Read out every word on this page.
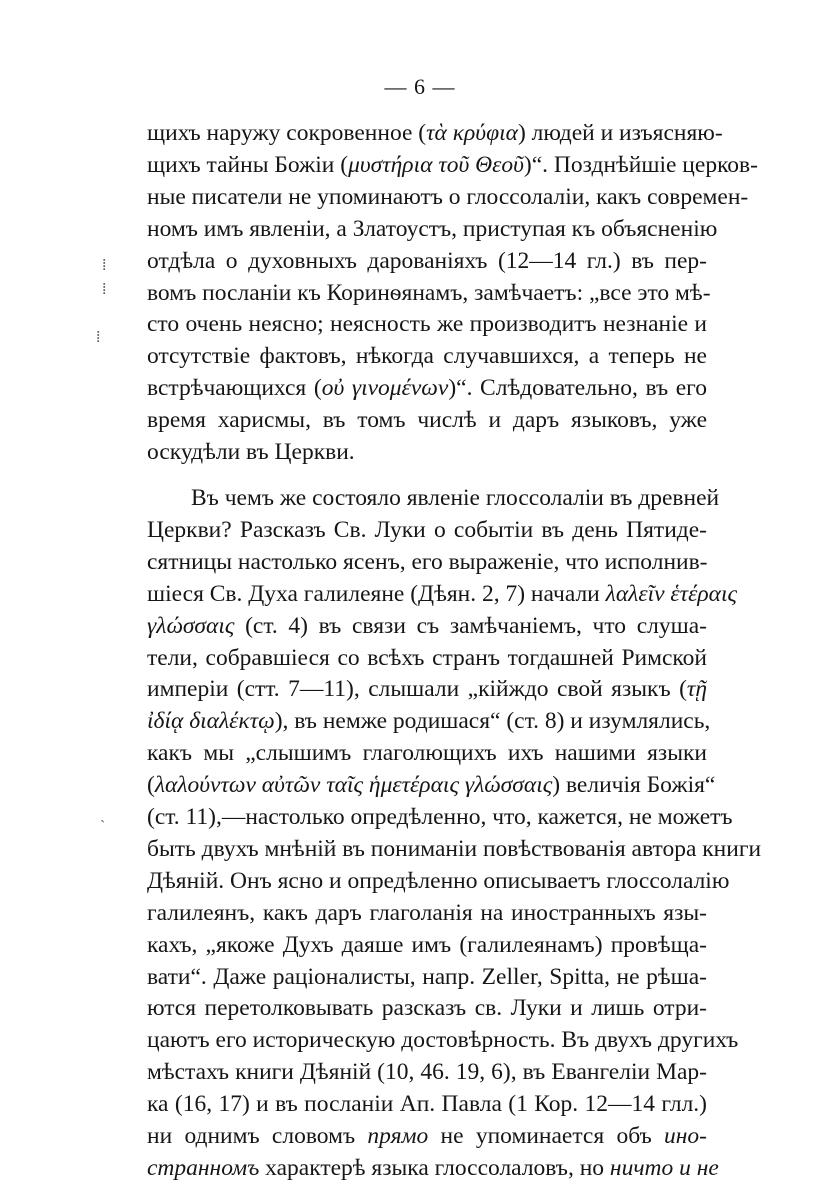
— 6 —
⁞
⁞
⁞
˴
щихъ наружу сокровенное (τὰ κρύφια) людей и изъясняю-
щихъ тайны Божіи (μυστήρια τοῦ Θεοῦ)“. Позднѣйшіе церков-
ные писатели не упоминаютъ о глоссолаліи, какъ современ-
номъ имъ явленіи, а Златоустъ, приступая къ объясненію
отдѣла о духовныхъ дарованіяхъ (12—14 гл.) въ пер-
вомъ посланіи къ Коринѳянамъ, замѣчаетъ: „все это мѣ-
сто очень неясно; неясность же производитъ незнаніе и
отсутствіе фактовъ, нѣкогда случавшихся, а теперь не
встрѣчающихся (οὐ γινομένων)“. Слѣдовательно, въ его
время харисмы, въ томъ числѣ и даръ языковъ, уже
оскудѣли въ Церкви.
Въ чемъ же состояло явленіе глоссолаліи въ древней
Церкви? Разсказъ Св. Луки о событіи въ день Пятиде-
сятницы настолько ясенъ, его выраженіе, что исполнив-
шіеся Св. Духа галилеяне (Дѣян. 2, 7) начали λαλεῖν ἑτέραις
γλώσσαις (ст. 4) въ связи съ замѣчаніемъ, что слуша-
тели, собравшіеся со всѣхъ странъ тогдашней Римской
имперіи (стт. 7—11), слышали „кійждо свой языкъ (τῇ
ἰδίᾳ διαλέκτῳ), въ немже родишася“ (ст. 8) и изумлялись,
какъ мы „слышимъ глаголющихъ ихъ нашими языки
(λαλούντων αὐτῶν ταῖς ἡμετέραις γλώσσαις) величія Божія“
(ст. 11),—настолько опредѣленно, что, кажется, не можетъ
быть двухъ мнѣній въ пониманіи повѣствованія автора книги
Дѣяній. Онъ ясно и опредѣленно описываетъ глоссолалію
галилеянъ, какъ даръ глаголанія на иностранныхъ язы-
кахъ, „якоже Духъ даяше имъ (галилеянамъ) провѣща-
вати“. Даже раціоналисты, напр. Zeller, Spitta, не рѣша-
ются перетолковывать разсказъ св. Луки и лишь отри-
цаютъ его историческую достовѣрность. Въ двухъ другихъ
мѣстахъ книги Дѣяній (10, 46. 19, 6), въ Евангеліи Мар-
ка (16, 17) и въ посланіи Ап. Павла (1 Кор. 12—14 глл.)
ни однимъ словомъ прямо не упоминается объ ино-
странномъ характерѣ языка глоссолаловъ, но ничто и не
